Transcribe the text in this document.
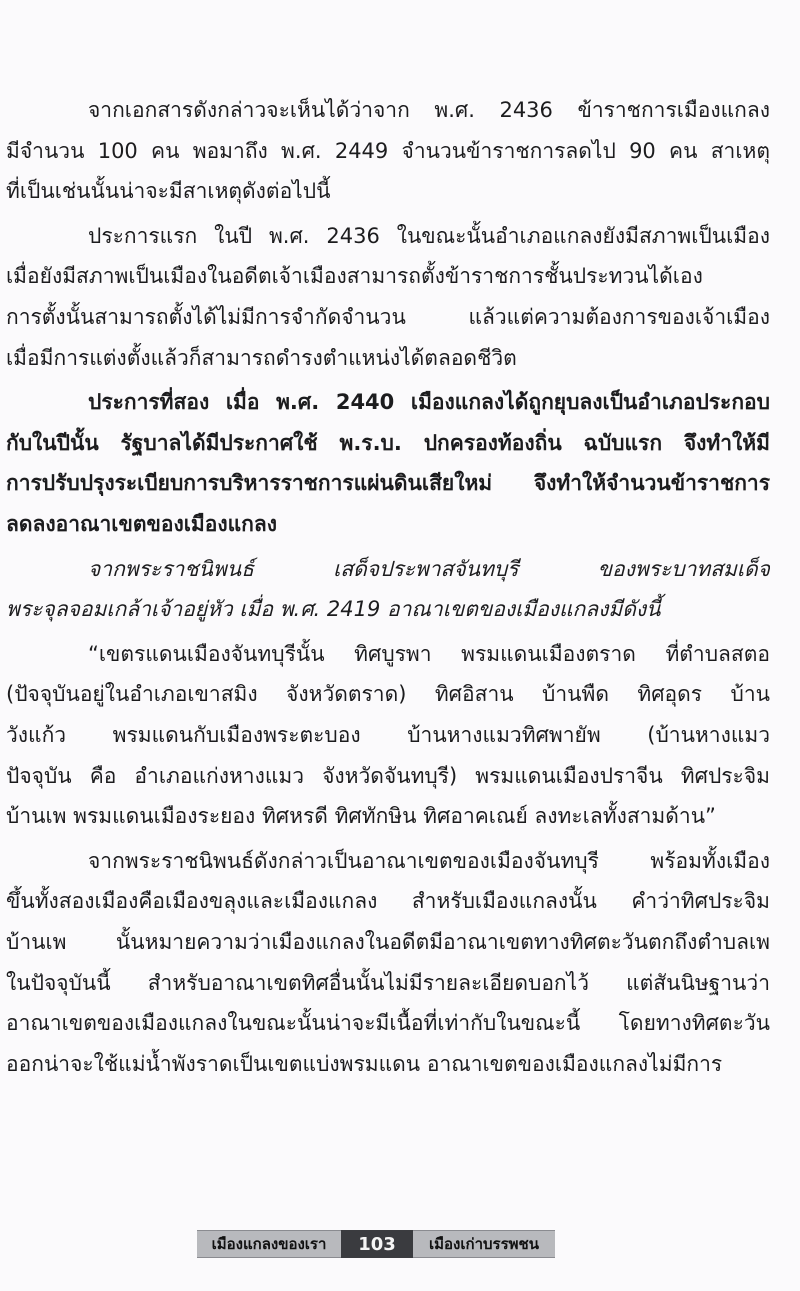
จากเอกสารดังกล่าวจะเห็นได้ว่าจาก พ.ศ. 2436 ข้าราชการเมืองแกลง
มีจำนวน 100 คน พอมาถึง พ.ศ. 2449 จำนวนข้าราชการลดไป 90 คน สาเหตุ
ที่เป็นเช่นนั้นน่าจะมีสาเหตุดังต่อไปนี้
ประการแรก ในปี พ.ศ. 2436 ในขณะนั้นอำเภอแกลงยังมีสภาพเป็นเมือง
เมื่อยังมีสภาพเป็นเมืองในอดีตเจ้าเมืองสามารถตั้งข้าราชการชั้นประทวนได้เอง
การตั้งนั้นสามารถตั้งได้ไม่มีการจำกัดจำนวน แล้วแต่ความต้องการของเจ้าเมือง
เมื่อมีการแต่งตั้งแล้วก็สามารถดำรงตำแหน่งได้ตลอดชีวิต
ประการที่สอง เมื่อ พ.ศ. 2440 เมืองแกลงได้ถูกยุบลงเป็นอำเภอประกอบ
กับในปีนั้น รัฐบาลได้มีประกาศใช้ พ.ร.บ. ปกครองท้องถิ่น ฉบับแรก จึงทำให้มี
การปรับปรุงระเบียบการบริหารราชการแผ่นดินเสียใหม่ จึงทำให้จำนวนข้าราชการ
ลดลงอาณาเขตของเมืองแกลง
จากพระราชนิพนธ์ เสด็จประพาสจันทบุรี ของพระบาทสมเด็จ
พระจุลจอมเกล้าเจ้าอยู่หัว เมื่อ พ.ศ. 2419 อาณาเขตของเมืองแกลงมีดังนี้
“เขตรแดนเมืองจันทบุรีนั้น ทิศบูรพา พรมแดนเมืองตราด ที่ตำบลสตอ
(ปัจจุบันอยู่ในอำเภอเขาสมิง จังหวัดตราด) ทิศอิสาน บ้านพืด ทิศอุดร บ้าน
วังแก้ว พรมแดนกับเมืองพระตะบอง บ้านหางแมวทิศพายัพ (บ้านหางแมว
ปัจจุบัน คือ อำเภอแก่งหางแมว จังหวัดจันทบุรี) พรมแดนเมืองปราจีน ทิศประจิม
บ้านเพ พรมแดนเมืองระยอง ทิศหรดี ทิศทักษิน ทิศอาคเณย์ ลงทะเลทั้งสามด้าน”
จากพระราชนิพนธ์ดังกล่าวเป็นอาณาเขตของเมืองจันทบุรี พร้อมทั้งเมือง
ขึ้นทั้งสองเมืองคือเมืองขลุงและเมืองแกลง สำหรับเมืองแกลงนั้น คำว่าทิศประจิม
บ้านเพ นั้นหมายความว่าเมืองแกลงในอดีตมีอาณาเขตทางทิศตะวันตกถึงตำบลเพ
ในปัจจุบันนี้ สำหรับอาณาเขตทิศอื่นนั้นไม่มีรายละเอียดบอกไว้ แต่สันนิษฐานว่า
อาณาเขตของเมืองแกลงในขณะนั้นน่าจะมีเนื้อที่เท่ากับในขณะนี้ โดยทางทิศตะวัน
ออกน่าจะใช้แม่น้ำพังราดเป็นเขตแบ่งพรมแดน อาณาเขตของเมืองแกลงไม่มีการ
เมืองแกลงของเรา	103	เมืองเก่าบรรพชน
